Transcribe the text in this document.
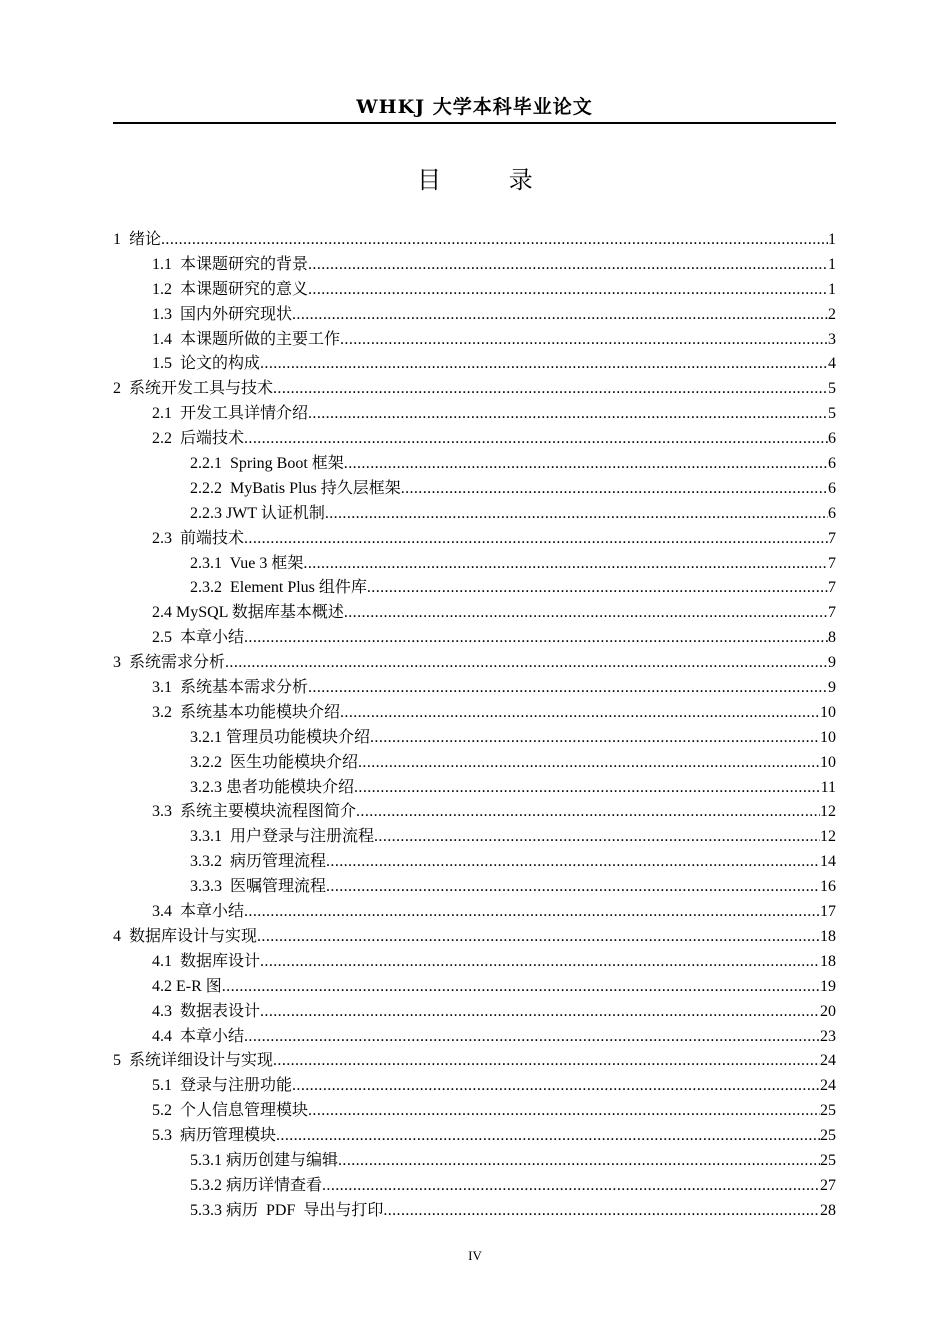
WHKJ 大学本科毕业论文
目 录
1  绪论 .....	1
1.1  本课题研究的背景 .....	1
1.2  本课题研究的意义 .....	1
1.3  国内外研究现状 .....	2
1.4  本课题所做的主要工作 .....	3
1.5  论文的构成 .....	4
2  系统开发工具与技术 .....	5
2.1  开发工具详情介绍 .....	5
2.2  后端技术 .....	6
2.2.1  Spring Boot 框架 .....	6
2.2.2  MyBatis Plus 持久层框架 .....	6
2.2.3 JWT 认证机制 .....	6
2.3  前端技术 .....	7
2.3.1  Vue 3 框架 .....	7
2.3.2  Element Plus 组件库 .....	7
2.4 MySQL 数据库基本概述 .....	7
2.5  本章小结 .....	8
3  系统需求分析 .....	9
3.1  系统基本需求分析 .....	9
3.2  系统基本功能模块介绍 .....	10
3.2.1 管理员功能模块介绍 .....	10
3.2.2  医生功能模块介绍 .....	10
3.2.3 患者功能模块介绍 .....	11
3.3  系统主要模块流程图简介 .....	12
3.3.1  用户登录与注册流程 .....	12
3.3.2  病历管理流程 .....	14
3.3.3  医嘱管理流程 .....	16
3.4  本章小结 .....	17
4  数据库设计与实现 .....	18
4.1  数据库设计 .....	18
4.2 E-R 图 .....	19
4.3  数据表设计 .....	20
4.4  本章小结 .....	23
5  系统详细设计与实现 .....	24
5.1  登录与注册功能 .....	24
5.2  个人信息管理模块 .....	25
5.3  病历管理模块 .....	25
5.3.1 病历创建与编辑 .....	25
5.3.2 病历详情查看 .....	27
5.3.3 病历  PDF  导出与打印 .....	28
IV
